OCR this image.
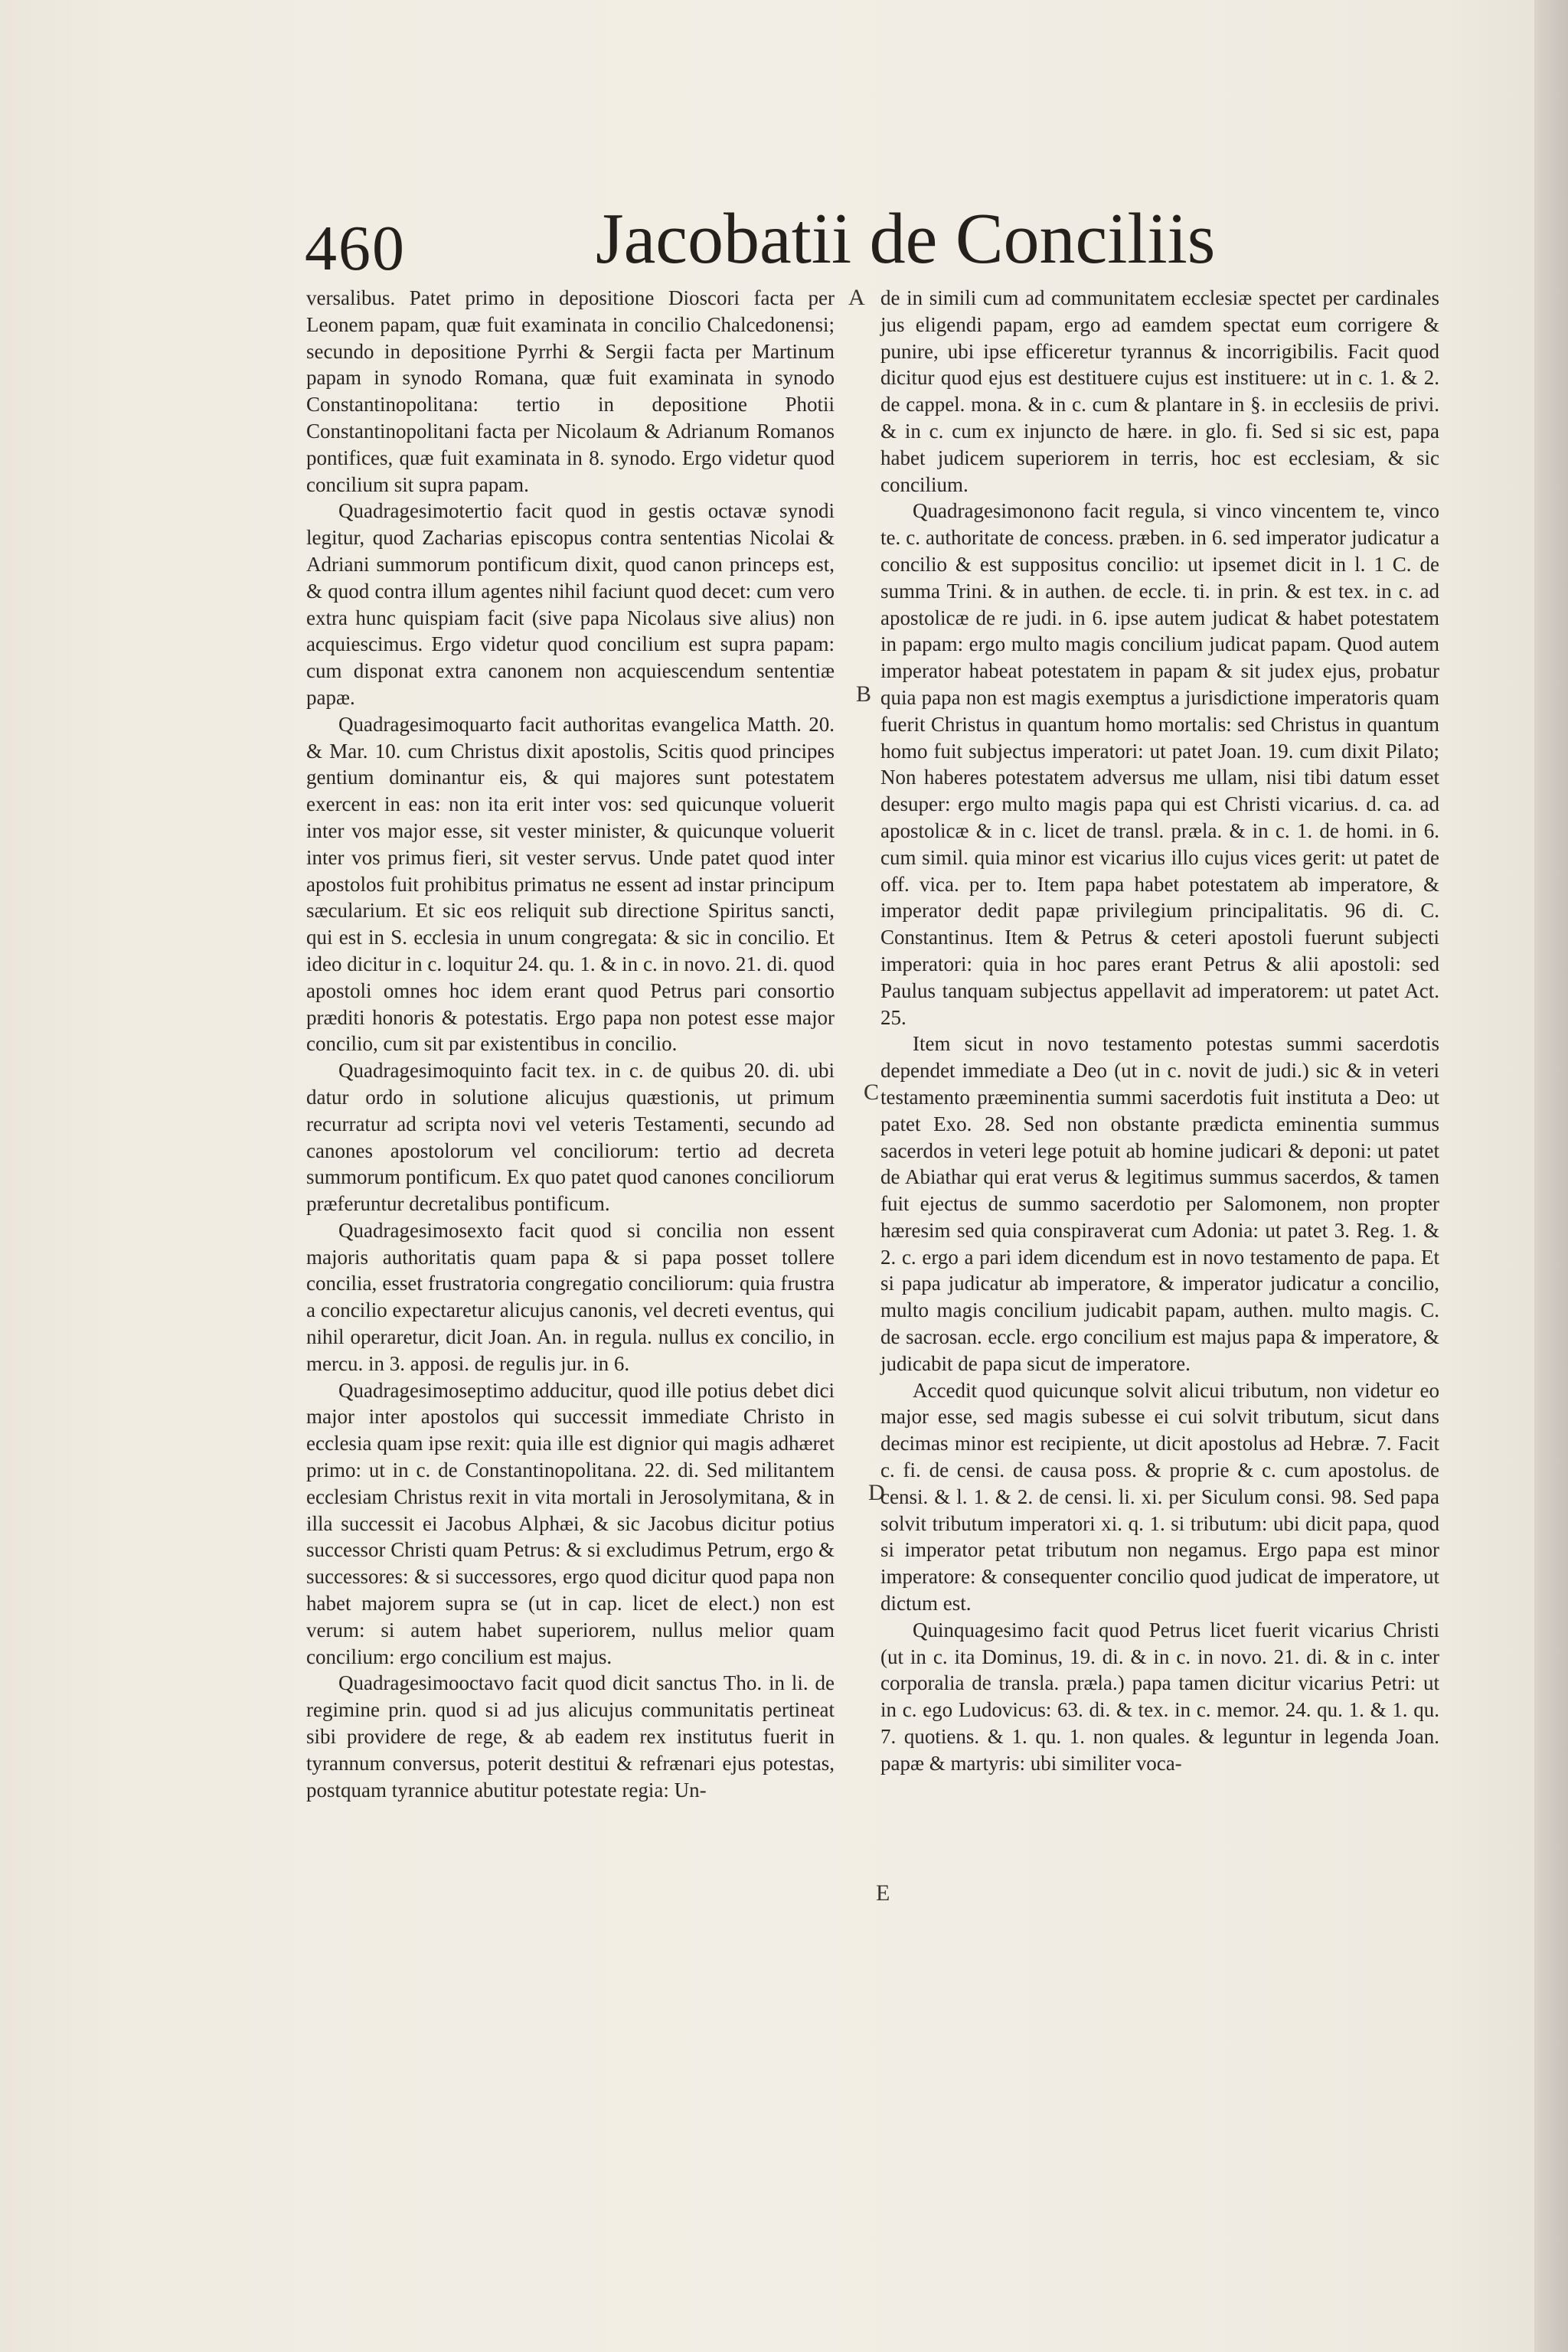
460	Jacobatii de Conciliis

versalibus. Patet primo in depositione Dioscori facta per Leonem papam, quæ fuit examinata in concilio Chalcedonensi; secundo in depositione Pyrrhi & Sergii facta per Martinum papam in synodo Romana, quæ fuit examinata in synodo Constantinopolitana: tertio in depositione Photii Constantinopolitani facta per Nicolaum & Adrianum Romanos pontifices, quæ fuit examinata in 8. synodo. Ergo videtur quod concilium sit supra papam.

Quadragesimotertio facit quod in gestis octavæ synodi legitur, quod Zacharias episcopus contra sententias Nicolai & Adriani summorum pontificum dixit, quod canon princeps est, & quod contra illum agentes nihil faciunt quod decet: cum vero extra hunc quispiam facit (sive papa Nicolaus sive alius) non acquiescimus. Ergo videtur quod concilium est supra papam: cum disponat extra canonem non acquiescendum sententiæ papæ.

Quadragesimoquarto facit authoritas evangelica Matth. 20. & Mar. 10. cum Christus dixit apostolis, Scitis quod principes gentium dominantur eis, & qui majores sunt potestatem exercent in eas: non ita erit inter vos: sed quicunque voluerit inter vos major esse, sit vester minister, & quicunque voluerit inter vos primus fieri, sit vester servus. Unde patet quod inter apostolos fuit prohibitus primatus ne essent ad instar principum sæcularium. Et sic eos reliquit sub directione Spiritus sancti, qui est in S. ecclesia in unum congregata: & sic in concilio. Et ideo dicitur in c. loquitur 24. qu. 1. & in c. in novo. 21. di. quod apostoli omnes hoc idem erant quod Petrus pari consortio præditi honoris & potestatis. Ergo papa non potest esse major concilio, cum sit par existentibus in concilio.

Quadragesimoquinto facit tex. in c. de quibus 20. di. ubi datur ordo in solutione alicujus quæstionis, ut primum recurratur ad scripta novi vel veteris Testamenti, secundo ad canones apostolorum vel conciliorum: tertio ad decreta summorum pontificum. Ex quo patet quod canones conciliorum præferuntur decretalibus pontificum.

Quadragesimosexto facit quod si concilia non essent majoris authoritatis quam papa & si papa posset tollere concilia, esset frustratoria congregatio conciliorum: quia frustra a concilio expectaretur alicujus canonis, vel decreti eventus, qui nihil operaretur, dicit Joan. An. in regula. nullus ex concilio, in mercu. in 3. apposi. de regulis jur. in 6.

Quadragesimoseptimo adducitur, quod ille potius debet dici major inter apostolos qui successit immediate Christo in ecclesia quam ipse rexit: quia ille est dignior qui magis adhæret primo: ut in c. de Constantinopolitana. 22. di. Sed militantem ecclesiam Christus rexit in vita mortali in Jerosolymitana, & in illa successit ei Jacobus Alphæi, & sic Jacobus dicitur potius successor Christi quam Petrus: & si excludimus Petrum, ergo & successores: & si successores, ergo quod dicitur quod papa non habet majorem supra se (ut in cap. licet de elect.) non est verum: si autem habet superiorem, nullus melior quam concilium: ergo concilium est majus.

Quadragesimooctavo facit quod dicit sanctus Tho. in li. de regimine prin. quod si ad jus alicujus communitatis pertineat sibi providere de rege, & ab eadem rex institutus fuerit in tyrannum conversus, poterit destitui & refrænari ejus potestas, postquam tyrannice abutitur potestate regia: Un-

A
B
C
D
E

de in simili cum ad communitatem ecclesiæ spectet per cardinales jus eligendi papam, ergo ad eamdem spectat eum corrigere & punire, ubi ipse efficeretur tyrannus & incorrigibilis. Facit quod dicitur quod ejus est destituere cujus est instituere: ut in c. 1. & 2. de cappel. mona. & in c. cum & plantare in §. in ecclesiis de privi. & in c. cum ex injuncto de hære. in glo. fi. Sed si sic est, papa habet judicem superiorem in terris, hoc est ecclesiam, & sic concilium.

Quadragesimonono facit regula, si vinco vincentem te, vinco te. c. authoritate de concess. præben. in 6. sed imperator judicatur a concilio & est suppositus concilio: ut ipsemet dicit in l. 1 C. de summa Trini. & in authen. de eccle. ti. in prin. & est tex. in c. ad apostolicæ de re judi. in 6. ipse autem judicat & habet potestatem in papam: ergo multo magis concilium judicat papam. Quod autem imperator habeat potestatem in papam & sit judex ejus, probatur quia papa non est magis exemptus a jurisdictione imperatoris quam fuerit Christus in quantum homo mortalis: sed Christus in quantum homo fuit subjectus imperatori: ut patet Joan. 19. cum dixit Pilato; Non haberes potestatem adversus me ullam, nisi tibi datum esset desuper: ergo multo magis papa qui est Christi vicarius. d. ca. ad apostolicæ & in c. licet de transl. præla. & in c. 1. de homi. in 6. cum simil. quia minor est vicarius illo cujus vices gerit: ut patet de off. vica. per to. Item papa habet potestatem ab imperatore, & imperator dedit papæ privilegium principalitatis. 96 di. C. Constantinus. Item & Petrus & ceteri apostoli fuerunt subjecti imperatori: quia in hoc pares erant Petrus & alii apostoli: sed Paulus tanquam subjectus appellavit ad imperatorem: ut patet Act. 25.

Item sicut in novo testamento potestas summi sacerdotis dependet immediate a Deo (ut in c. novit de judi.) sic & in veteri testamento præeminentia summi sacerdotis fuit instituta a Deo: ut patet Exo. 28. Sed non obstante prædicta eminentia summus sacerdos in veteri lege potuit ab homine judicari & deponi: ut patet de Abiathar qui erat verus & legitimus summus sacerdos, & tamen fuit ejectus de summo sacerdotio per Salomonem, non propter hæresim sed quia conspiraverat cum Adonia: ut patet 3. Reg. 1. & 2. c. ergo a pari idem dicendum est in novo testamento de papa. Et si papa judicatur ab imperatore, & imperator judicatur a concilio, multo magis concilium judicabit papam, authen. multo magis. C. de sacrosan. eccle. ergo concilium est majus papa & imperatore, & judicabit de papa sicut de imperatore.

Accedit quod quicunque solvit alicui tributum, non videtur eo major esse, sed magis subesse ei cui solvit tributum, sicut dans decimas minor est recipiente, ut dicit apostolus ad Hebræ. 7. Facit c. fi. de censi. de causa poss. & proprie & c. cum apostolus. de censi. & l. 1. & 2. de censi. li. xi. per Siculum consi. 98. Sed papa solvit tributum imperatori xi. q. 1. si tributum: ubi dicit papa, quod si imperator petat tributum non negamus. Ergo papa est minor imperatore: & consequenter concilio quod judicat de imperatore, ut dictum est.

Quinquagesimo facit quod Petrus licet fuerit vicarius Christi (ut in c. ita Dominus, 19. di. & in c. in novo. 21. di. & in c. inter corporalia de transla. præla.) papa tamen dicitur vicarius Petri: ut in c. ego Ludovicus: 63. di. & tex. in c. memor. 24. qu. 1. & 1. qu. 7. quotiens. & 1. qu. 1. non quales. & leguntur in legenda Joan. papæ & martyris: ubi similiter voca-
